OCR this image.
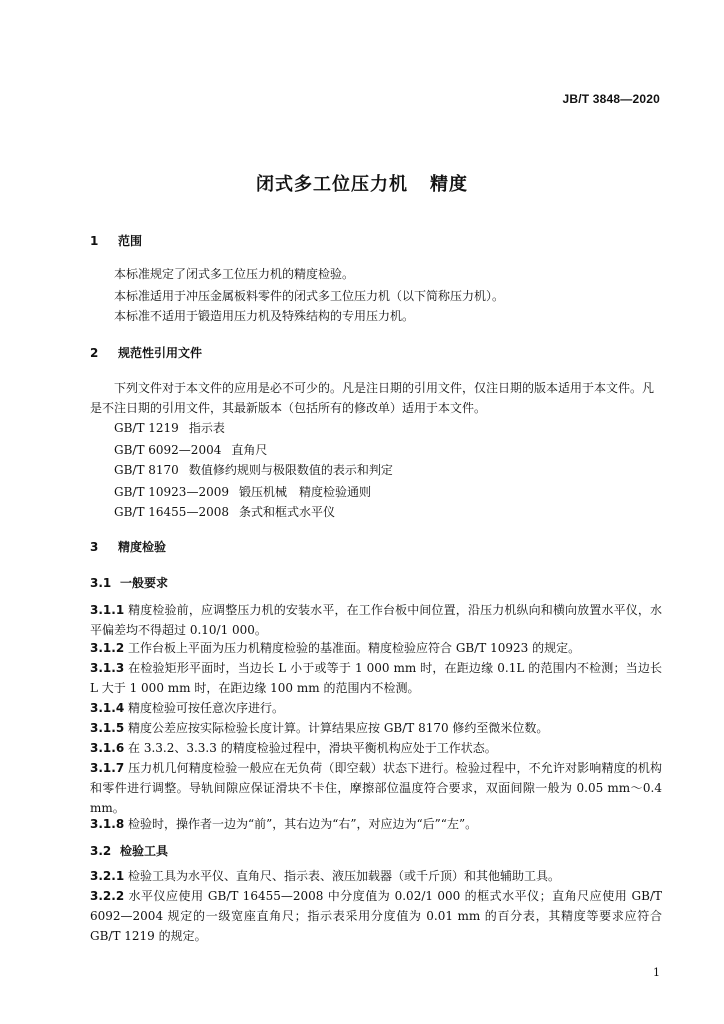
JB/T 3848—2020
闭式多工位压力机 精度
1 范围
本标准规定了闭式多工位压力机的精度检验。
本标准适用于冲压金属板料零件的闭式多工位压力机（以下简称压力机）。
本标准不适用于锻造用压力机及特殊结构的专用压力机。
2 规范性引用文件
下列文件对于本文件的应用是必不可少的。凡是注日期的引用文件，仅注日期的版本适用于本文件。凡是不注日期的引用文件，其最新版本（包括所有的修改单）适用于本文件。
GB/T 1219 指示表
GB/T 6092—2004 直角尺
GB/T 8170 数值修约规则与极限数值的表示和判定
GB/T 10923—2009 锻压机械　精度检验通则
GB/T 16455—2008 条式和框式水平仪
3 精度检验
3.1 一般要求
3.1.1 精度检验前，应调整压力机的安装水平，在工作台板中间位置，沿压力机纵向和横向放置水平仪，水平偏差均不得超过 0.10/1 000。
3.1.2 工作台板上平面为压力机精度检验的基准面。精度检验应符合 GB/T 10923 的规定。
3.1.3 在检验矩形平面时，当边长 L 小于或等于 1 000 mm 时，在距边缘 0.1L 的范围内不检测；当边长 L 大于 1 000 mm 时，在距边缘 100 mm 的范围内不检测。
3.1.4 精度检验可按任意次序进行。
3.1.5 精度公差应按实际检验长度计算。计算结果应按 GB/T 8170 修约至微米位数。
3.1.6 在 3.3.2、3.3.3 的精度检验过程中，滑块平衡机构应处于工作状态。
3.1.7 压力机几何精度检验一般应在无负荷（即空载）状态下进行。检验过程中，不允许对影响精度的机构和零件进行调整。导轨间隙应保证滑块不卡住，摩擦部位温度符合要求，双面间隙一般为 0.05 mm～0.4 mm。
3.1.8 检验时，操作者一边为“前”，其右边为“右”，对应边为“后”“左”。
3.2 检验工具
3.2.1 检验工具为水平仪、直角尺、指示表、液压加载器（或千斤顶）和其他辅助工具。
3.2.2 水平仪应使用 GB/T 16455—2008 中分度值为 0.02/1 000 的框式水平仪；直角尺应使用 GB/T 6092—2004 规定的一级宽座直角尺；指示表采用分度值为 0.01 mm 的百分表，其精度等要求应符合 GB/T 1219 的规定。
1
